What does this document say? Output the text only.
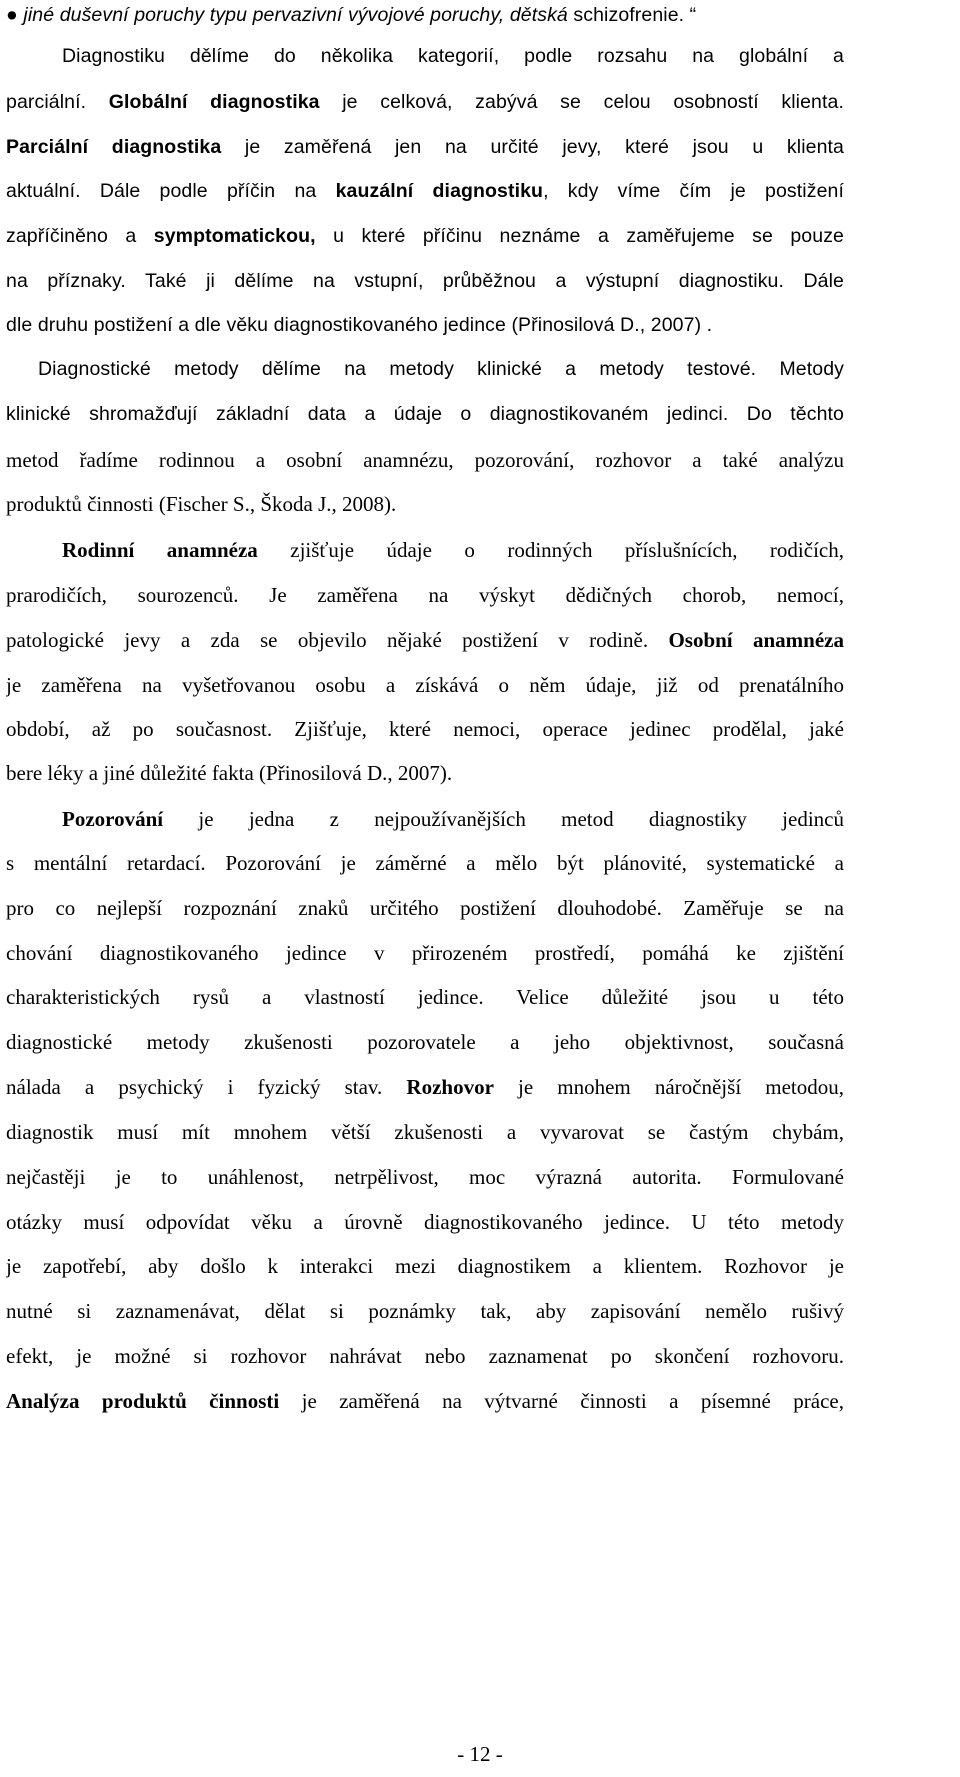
● jiné duševní poruchy typu pervazivní vývojové poruchy, dětská schizofrenie. “
Diagnostiku dělíme do několika kategorií, podle rozsahu na globální a
parciální. Globální diagnostika je celková, zabývá se celou osobností klienta.
Parciální diagnostika je zaměřená jen na určité jevy, které jsou u klienta
aktuální. Dále podle příčin na kauzální diagnostiku, kdy víme čím je postižení
zapříčiněno a symptomatickou, u které příčinu neznáme a zaměřujeme se pouze
na příznaky. Také ji dělíme na vstupní, průběžnou a výstupní diagnostiku. Dále
dle druhu postižení a dle věku diagnostikovaného jedince (Přinosilová D., 2007) .
Diagnostické metody dělíme na metody klinické a metody testové. Metody
klinické shromažďují základní data a údaje o diagnostikovaném jedinci. Do těchto
metod řadíme rodinnou a osobní anamnézu, pozorování, rozhovor a také analýzu
produktů činnosti (Fischer S., Škoda J., 2008).
Rodinní anamnéza zjišťuje údaje o rodinných příslušnících, rodičích,
prarodičích, sourozenců. Je zaměřena na výskyt dědičných chorob, nemocí,
patologické jevy a zda se objevilo nějaké postižení v rodině. Osobní anamnéza
je zaměřena na vyšetřovanou osobu a získává o něm údaje, již od prenatálního
období, až po současnost. Zjišťuje, které nemoci, operace jedinec prodělal, jaké
bere léky a jiné důležité fakta (Přinosilová D., 2007).
Pozorování je jedna z nejpoužívanějších metod diagnostiky jedinců
s mentální retardací. Pozorování je záměrné a mělo být plánovité, systematické a
pro co nejlepší rozpoznání znaků určitého postižení dlouhodobé. Zaměřuje se na
chování diagnostikovaného jedince v přirozeném prostředí, pomáhá ke zjištění
charakteristických rysů a vlastností jedince. Velice důležité jsou u této
diagnostické metody zkušenosti pozorovatele a jeho objektivnost, současná
nálada a psychický i fyzický stav. Rozhovor je mnohem náročnější metodou,
diagnostik musí mít mnohem větší zkušenosti a vyvarovat se častým chybám,
nejčastěji je to unáhlenost, netrpělivost, moc výrazná autorita. Formulované
otázky musí odpovídat věku a úrovně diagnostikovaného jedince. U této metody
je zapotřebí, aby došlo k interakci mezi diagnostikem a klientem. Rozhovor je
nutné si zaznamenávat, dělat si poznámky tak, aby zapisování nemělo rušivý
efekt, je možné si rozhovor nahrávat nebo zaznamenat po skončení rozhovoru.
Analýza produktů činnosti je zaměřená na výtvarné činnosti a písemné práce,
- 12 -
